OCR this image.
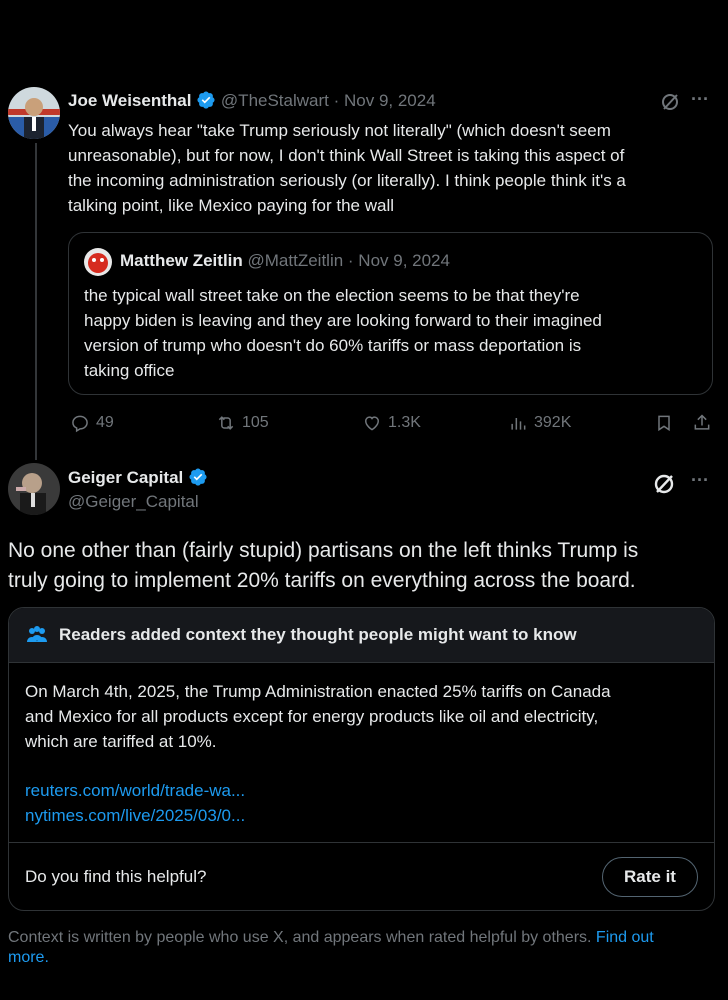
Joe Weisenthal @TheStalwart · Nov 9, 2024	···
You always hear "take Trump seriously not literally" (which doesn't seem
unreasonable), but for now, I don't think Wall Street is taking this aspect of
the incoming administration seriously (or literally). I think people think it's a
talking point, like Mexico paying for the wall
Matthew Zeitlin @MattZeitlin · Nov 9, 2024
the typical wall street take on the election seems to be that they're
happy biden is leaving and they are looking forward to their imagined
version of trump who doesn't do 60% tariffs or mass deportation is
taking office
49	105	1.3K	392K
Geiger Capital
@Geiger_Capital
···
No one other than (fairly stupid) partisans on the left thinks Trump is
truly going to implement 20% tariffs on everything across the board.
Readers added context they thought people might want to know
On March 4th, 2025, the Trump Administration enacted 25% tariffs on Canada
and Mexico for all products except for energy products like oil and electricity,
which are tariffed at 10%.
reuters.com/world/trade-wa...
nytimes.com/live/2025/03/0...
Do you find this helpful?	Rate it
Context is written by people who use X, and appears when rated helpful by others. Find out
more.
